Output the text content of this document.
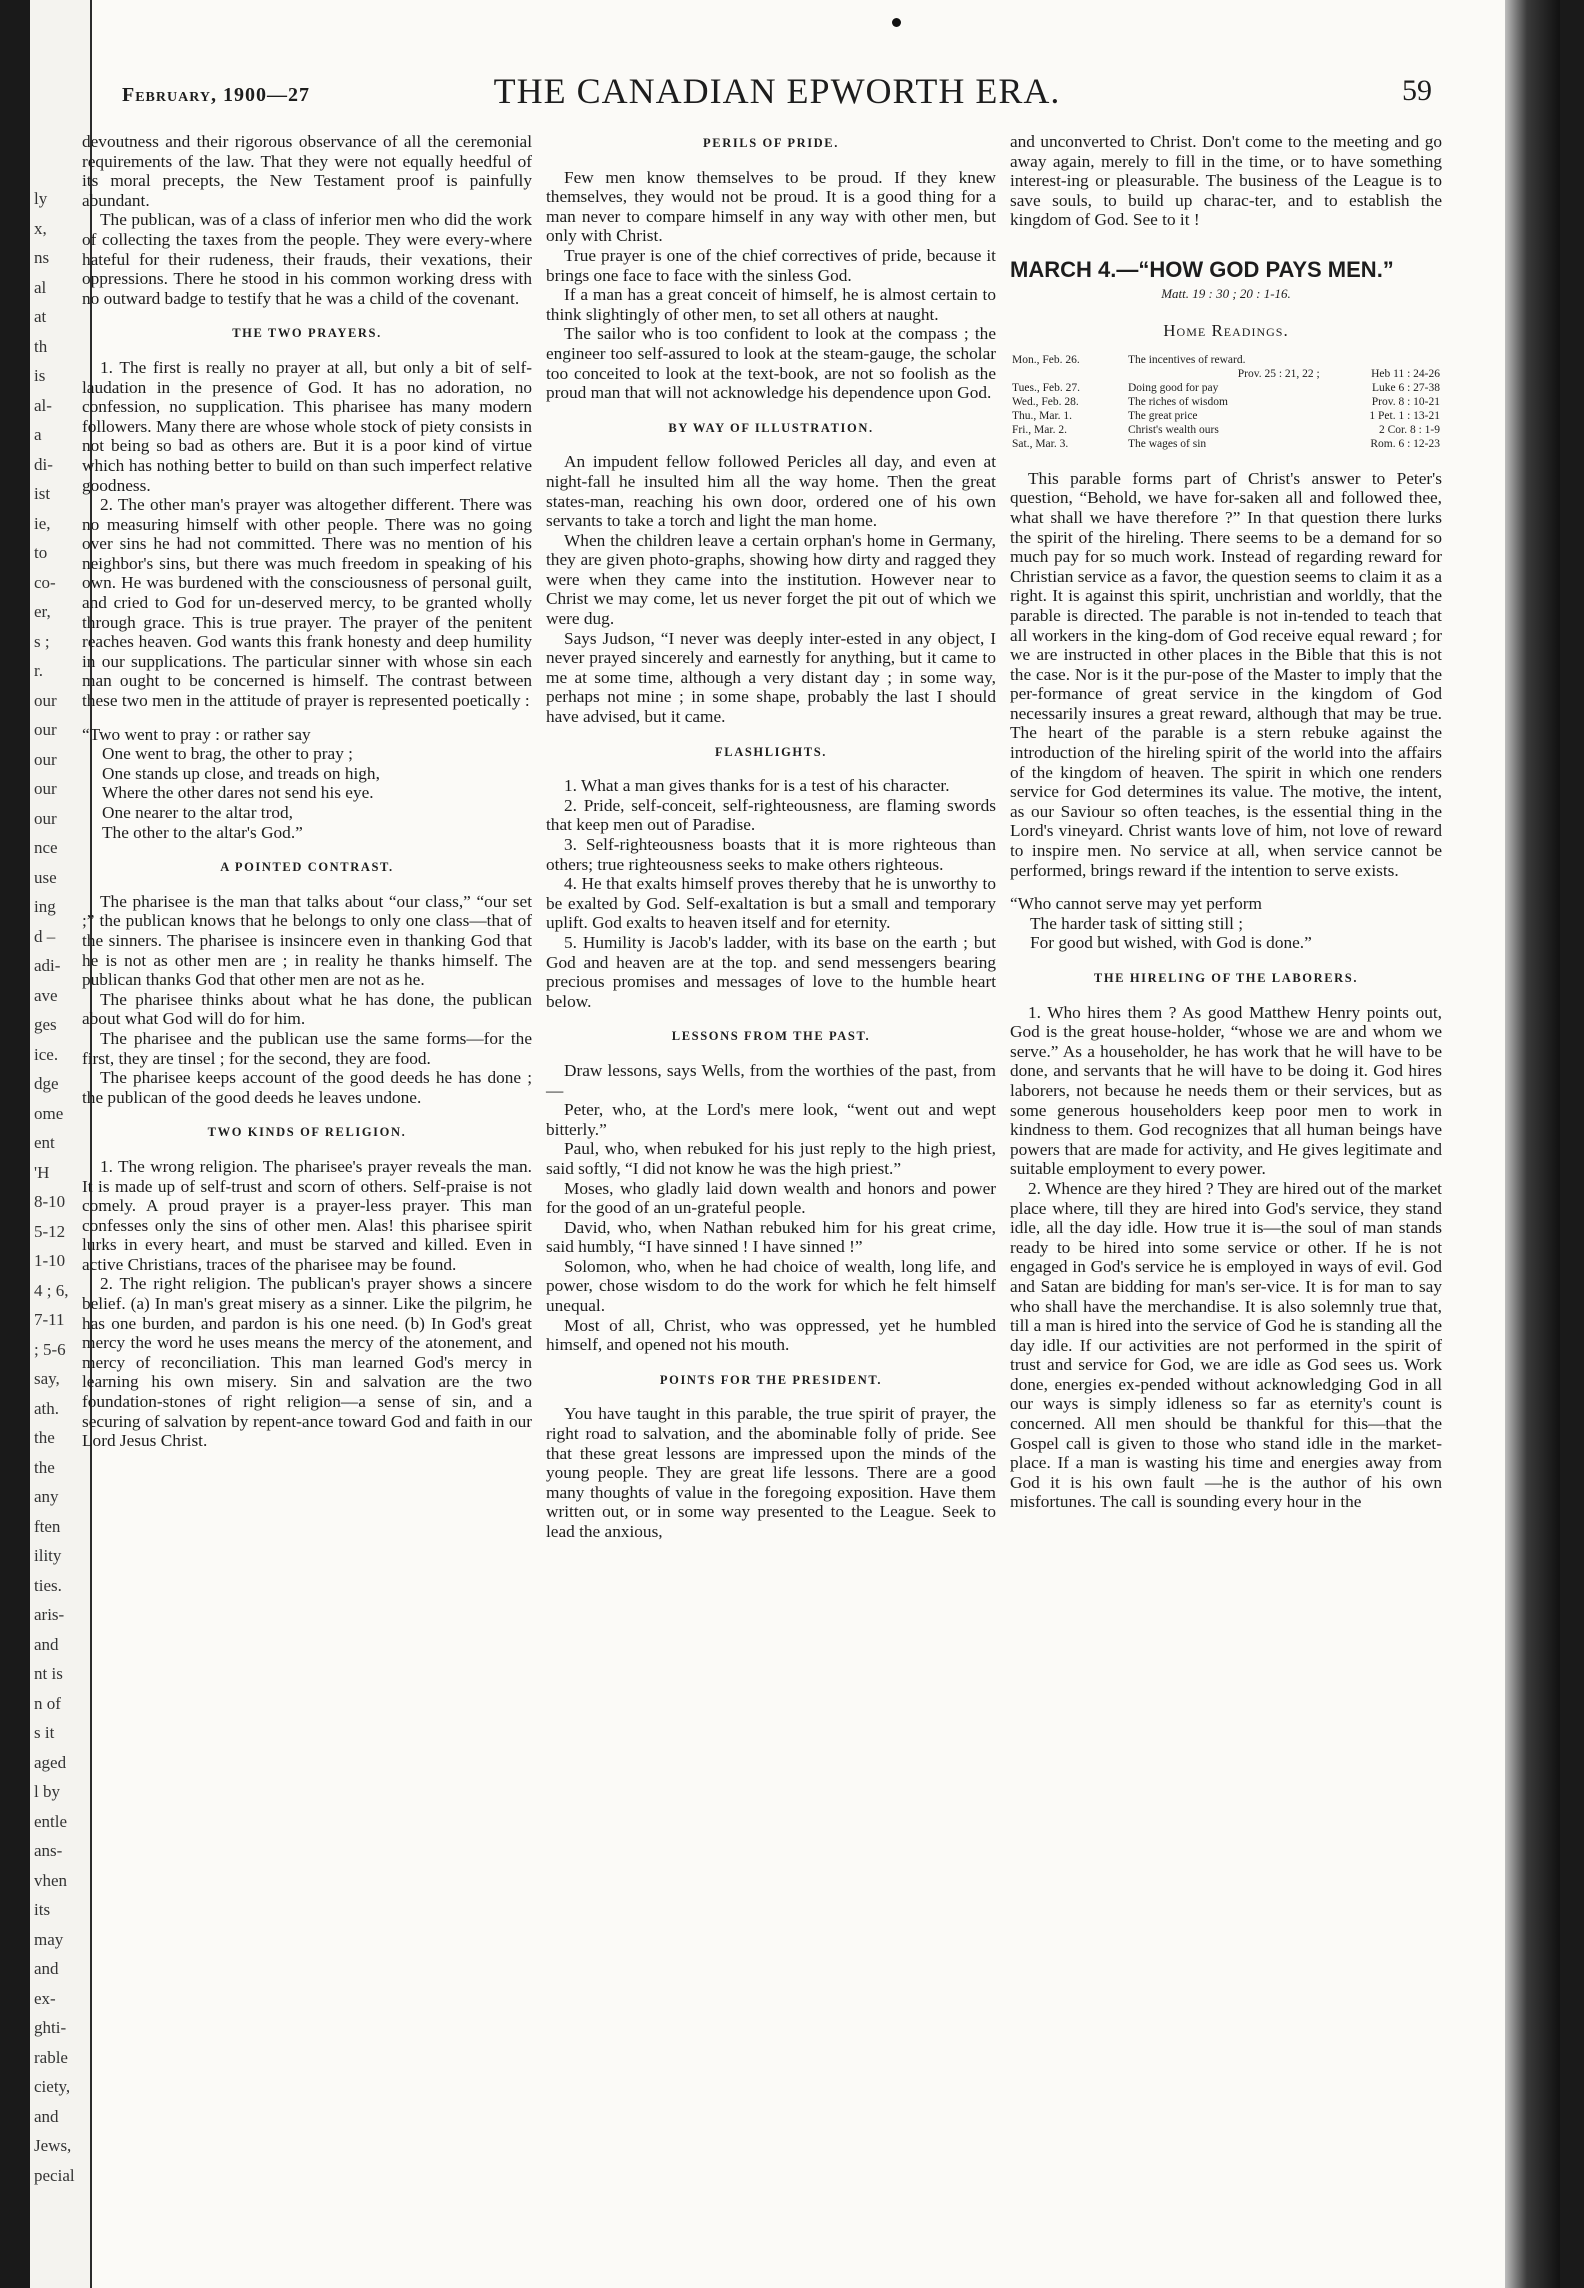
ly
x,
ns
al
at
th
is
al-
a
di-
ist
ie,
to
co-
er,
s ;
r.
our
our
our
our
our
nce
use
ing
d –
adi-
ave
ges
ice.
dge
ome
ent
'H
8-10
5-12
1-10
4 ; 6,
7-11
; 5-6
say,
ath.
the
the
any
ften
ility
ties.
aris-
and
nt is
n of
s it
aged
l by
entle
ans-
vhen
its
may
and
ex-
ghti-
rable
ciety,
and
Jews,
pecial
February, 1900—27	THE CANADIAN EPWORTH ERA.	59

devoutness and their rigorous observance of all the ceremonial requirements of the law. That they were not equally heedful of its moral precepts, the New Testament proof is painfully abundant.

The publican, was of a class of inferior men who did the work of collecting the taxes from the people. They were every-where hateful for their rudeness, their frauds, their vexations, their oppressions. There he stood in his common working dress with no outward badge to testify that he was a child of the covenant.

THE TWO PRAYERS.

1. The first is really no prayer at all, but only a bit of self-laudation in the presence of God. It has no adoration, no confession, no supplication. This pharisee has many modern followers. Many there are whose whole stock of piety consists in not being so bad as others are. But it is a poor kind of virtue which has nothing better to build on than such imperfect relative goodness.

2. The other man's prayer was altogether different. There was no measuring himself with other people. There was no going over sins he had not committed. There was no mention of his neighbor's sins, but there was much freedom in speaking of his own. He was burdened with the consciousness of personal guilt, and cried to God for un-deserved mercy, to be granted wholly through grace. This is true prayer. The prayer of the penitent reaches heaven. God wants this frank honesty and deep humility in our supplications. The particular sinner with whose sin each man ought to be concerned is himself. The contrast between these two men in the attitude of prayer is represented poetically :

“Two went to pray : or rather say
One went to brag, the other to pray ;
One stands up close, and treads on high,
Where the other dares not send his eye.
One nearer to the altar trod,
The other to the altar's God.”
A POINTED CONTRAST.

The pharisee is the man that talks about “our class,” “our set ;” the publican knows that he belongs to only one class—that of the sinners. The pharisee is insincere even in thanking God that he is not as other men are ; in reality he thanks himself. The publican thanks God that other men are not as he.

The pharisee thinks about what he has done, the publican about what God will do for him.

The pharisee and the publican use the same forms—for the first, they are tinsel ; for the second, they are food.

The pharisee keeps account of the good deeds he has done ; the publican of the good deeds he leaves undone.

TWO KINDS OF RELIGION.

1. The wrong religion. The pharisee's prayer reveals the man. It is made up of self-trust and scorn of others. Self-praise is not comely. A proud prayer is a prayer-less prayer. This man confesses only the sins of other men. Alas! this pharisee spirit lurks in every heart, and must be starved and killed. Even in active Christians, traces of the pharisee may be found.

2. The right religion. The publican's prayer shows a sincere belief. (a) In man's great misery as a sinner. Like the pilgrim, he has one burden, and pardon is his one need. (b) In God's great mercy the word he uses means the mercy of the atonement, and mercy of reconciliation. This man learned God's mercy in learning his own misery. Sin and salvation are the two foundation-stones of right religion—a sense of sin, and a securing of salvation by repent-ance toward God and faith in our Lord Jesus Christ.

PERILS OF PRIDE.

Few men know themselves to be proud. If they knew themselves, they would not be proud. It is a good thing for a man never to compare himself in any way with other men, but only with Christ.

True prayer is one of the chief correctives of pride, because it brings one face to face with the sinless God.

If a man has a great conceit of himself, he is almost certain to think slightingly of other men, to set all others at naught.

The sailor who is too confident to look at the compass ; the engineer too self-assured to look at the steam-gauge, the scholar too conceited to look at the text-book, are not so foolish as the proud man that will not acknowledge his dependence upon God.

BY WAY OF ILLUSTRATION.

An impudent fellow followed Pericles all day, and even at night-fall he insulted him all the way home. Then the great states-man, reaching his own door, ordered one of his own servants to take a torch and light the man home.

When the children leave a certain orphan's home in Germany, they are given photo-graphs, showing how dirty and ragged they were when they came into the institution. However near to Christ we may come, let us never forget the pit out of which we were dug.

Says Judson, “I never was deeply inter-ested in any object, I never prayed sincerely and earnestly for anything, but it came to me at some time, although a very distant day ; in some way, perhaps not mine ; in some shape, probably the last I should have advised, but it came.

FLASHLIGHTS.

1. What a man gives thanks for is a test of his character.

2. Pride, self-conceit, self-righteousness, are flaming swords that keep men out of Paradise.

3. Self-righteousness boasts that it is more righteous than others; true righteousness seeks to make others righteous.

4. He that exalts himself proves thereby that he is unworthy to be exalted by God. Self-exaltation is but a small and temporary uplift. God exalts to heaven itself and for eternity.

5. Humility is Jacob's ladder, with its base on the earth ; but God and heaven are at the top. and send messengers bearing precious promises and messages of love to the humble heart below.

LESSONS FROM THE PAST.

Draw lessons, says Wells, from the worthies of the past, from—

Peter, who, at the Lord's mere look, “went out and wept bitterly.”

Paul, who, when rebuked for his just reply to the high priest, said softly, “I did not know he was the high priest.”

Moses, who gladly laid down wealth and honors and power for the good of an un-grateful people.

David, who, when Nathan rebuked him for his great crime, said humbly, “I have sinned ! I have sinned !”

Solomon, who, when he had choice of wealth, long life, and power, chose wisdom to do the work for which he felt himself unequal.

Most of all, Christ, who was oppressed, yet he humbled himself, and opened not his mouth.

POINTS FOR THE PRESIDENT.

You have taught in this parable, the true spirit of prayer, the right road to salvation, and the abominable folly of pride. See that these great lessons are impressed upon the minds of the young people. They are great life lessons. There are a good many thoughts of value in the foregoing exposition. Have them written out, or in some way presented to the League. Seek to lead the anxious,

and unconverted to Christ. Don't come to the meeting and go away again, merely to fill in the time, or to have something interest-ing or pleasurable. The business of the League is to save souls, to build up charac-ter, and to establish the kingdom of God. See to it !

MARCH 4.—“HOW GOD PAYS MEN.”
Matt. 19 : 30 ; 20 : 1-16.
Home Readings.
Mon., Feb. 26.	The incentives of reward.	
	Prov. 25 : 21, 22 ;	Heb 11 : 24-26
Tues., Feb. 27.	Doing good for pay	Luke 6 : 27-38
Wed., Feb. 28.	The riches of wisdom	Prov. 8 : 10-21
Thu., Mar. 1.	The great price	1 Pet. 1 : 13-21
Fri., Mar. 2.	Christ's wealth ours	2 Cor. 8 : 1-9
Sat., Mar. 3.	The wages of sin	Rom. 6 : 12-23

This parable forms part of Christ's answer to Peter's question, “Behold, we have for-saken all and followed thee, what shall we have therefore ?” In that question there lurks the spirit of the hireling. There seems to be a demand for so much pay for so much work. Instead of regarding reward for Christian service as a favor, the question seems to claim it as a right. It is against this spirit, unchristian and worldly, that the parable is directed. The parable is not in-tended to teach that all workers in the king-dom of God receive equal reward ; for we are instructed in other places in the Bible that this is not the case. Nor is it the pur-pose of the Master to imply that the per-formance of great service in the kingdom of God necessarily insures a great reward, although that may be true. The heart of the parable is a stern rebuke against the introduction of the hireling spirit of the world into the affairs of the kingdom of heaven. The spirit in which one renders service for God determines its value. The motive, the intent, as our Saviour so often teaches, is the essential thing in the Lord's vineyard. Christ wants love of him, not love of reward to inspire men. No service at all, when service cannot be performed, brings reward if the intention to serve exists.

“Who cannot serve may yet perform
The harder task of sitting still ;
For good but wished, with God is done.”
THE HIRELING OF THE LABORERS.

1. Who hires them ? As good Matthew Henry points out, God is the great house-holder, “whose we are and whom we serve.” As a householder, he has work that he will have to be done, and servants that he will have to be doing it. God hires laborers, not because he needs them or their services, but as some generous householders keep poor men to work in kindness to them. God recognizes that all human beings have powers that are made for activity, and He gives legitimate and suitable employment to every power.

2. Whence are they hired ? They are hired out of the market place where, till they are hired into God's service, they stand idle, all the day idle. How true it is—the soul of man stands ready to be hired into some service or other. If he is not engaged in God's service he is employed in ways of evil. God and Satan are bidding for man's ser-vice. It is for man to say who shall have the merchandise. It is also solemnly true that, till a man is hired into the service of God he is standing all the day idle. If our activities are not performed in the spirit of trust and service for God, we are idle as God sees us. Work done, energies ex-pended without acknowledging God in all our ways is simply idleness so far as eternity's count is concerned. All men should be thankful for this—that the Gospel call is given to those who stand idle in the market-place. If a man is wasting his time and energies away from God it is his own fault —he is the author of his own misfortunes. The call is sounding every hour in the
